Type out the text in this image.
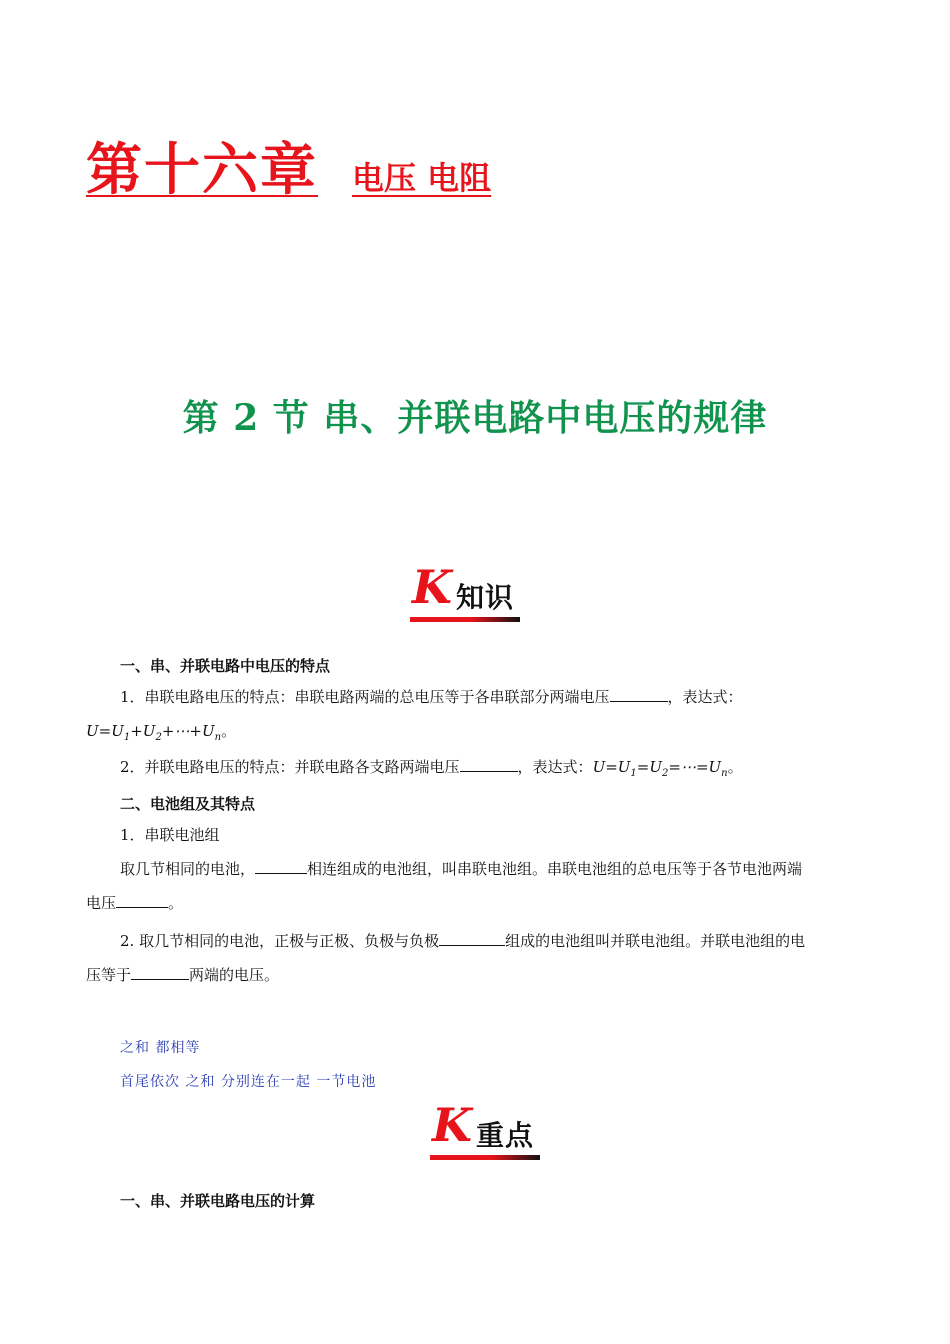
第十六章 电压 电阻
第 2 节 串、并联电路中电压的规律
K 知识
一、串、并联电路中电压的特点
1．串联电路电压的特点：串联电路两端的总电压等于各串联部分两端电压	，表达式：
$U=U_1+U_2+\cdots+U_n$。
2．并联电路电压的特点：并联电路各支路两端电压	，表达式：$U=U_1=U_2=\cdots=U_n$。
二、电池组及其特点
1．串联电池组
取几节相同的电池，	相连组成的电池组，叫串联电池组。串联电池组的总电压等于各节电池两端
电压	。
2. 取几节相同的电池，正极与正极、负极与负极	组成的电池组叫并联电池组。并联电池组的电
压等于	两端的电压。
之和 都相等
首尾依次 之和 分别连在一起 一节电池
K 重点
一、串、并联电路电压的计算
